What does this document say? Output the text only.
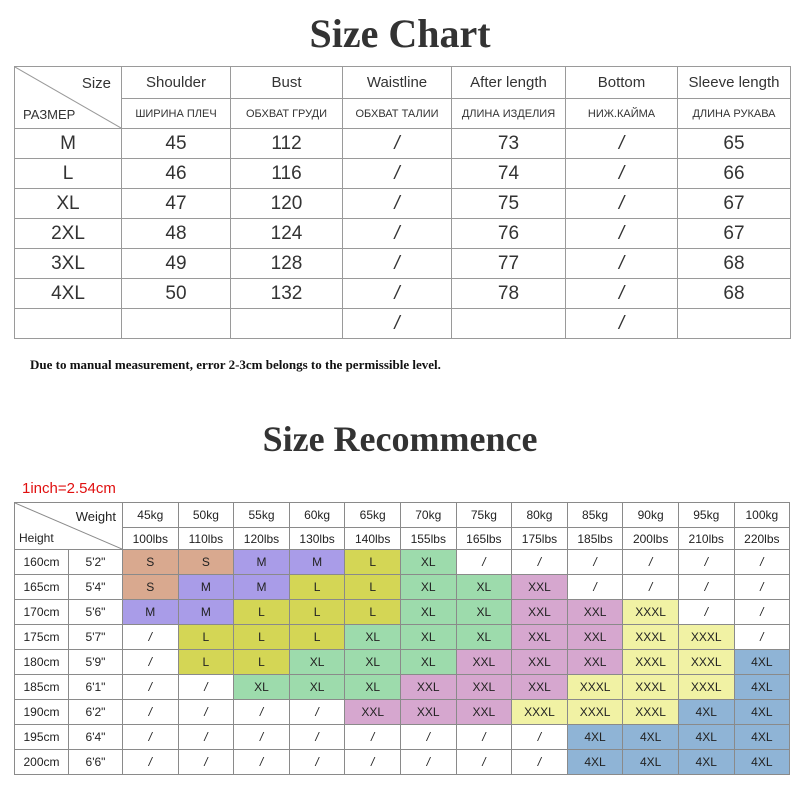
Size Chart
Size
РАЗМЕР	Shoulder	Bust	Waistline	After length	Bottom	Sleeve length
	ШИРИНА ПЛЕЧ	ОБХВАТ ГРУДИ	ОБХВАТ ТАЛИИ	ДЛИНА ИЗДЕЛИЯ	НИЖ.КАЙМА	ДЛИНА РУКАВА
M	45	112	/	73	/	65
L	46	116	/	74	/	66
XL	47	120	/	75	/	67
2XL	48	124	/	76	/	67
3XL	49	128	/	77	/	68
4XL	50	132	/	78	/	68
			/		/	
Due to manual measurement, error 2-3cm belongs to the permissible level.
Size Recommence
1inch=2.54cm
Weight
Height		45kg	50kg	55kg	60kg	65kg	70kg	75kg	80kg	85kg	90kg	95kg	100kg
		100lbs	110lbs	120lbs	130lbs	140lbs	155lbs	165lbs	175lbs	185lbs	200lbs	210lbs	220lbs
160cm	5'2"	S	S	M	M	L	XL	/	/	/	/	/	/
165cm	5'4"	S	M	M	L	L	XL	XL	XXL	/	/	/	/
170cm	5'6"	M	M	L	L	L	XL	XL	XXL	XXL	XXXL	/	/
175cm	5'7"	/	L	L	L	XL	XL	XL	XXL	XXL	XXXL	XXXL	/
180cm	5'9"	/	L	L	XL	XL	XL	XXL	XXL	XXL	XXXL	XXXL	4XL
185cm	6'1"	/	/	XL	XL	XL	XXL	XXL	XXL	XXXL	XXXL	XXXL	4XL
190cm	6'2"	/	/	/	/	XXL	XXL	XXL	XXXL	XXXL	XXXL	4XL	4XL
195cm	6'4"	/	/	/	/	/	/	/	/	4XL	4XL	4XL	4XL
200cm	6'6"	/	/	/	/	/	/	/	/	4XL	4XL	4XL	4XL
